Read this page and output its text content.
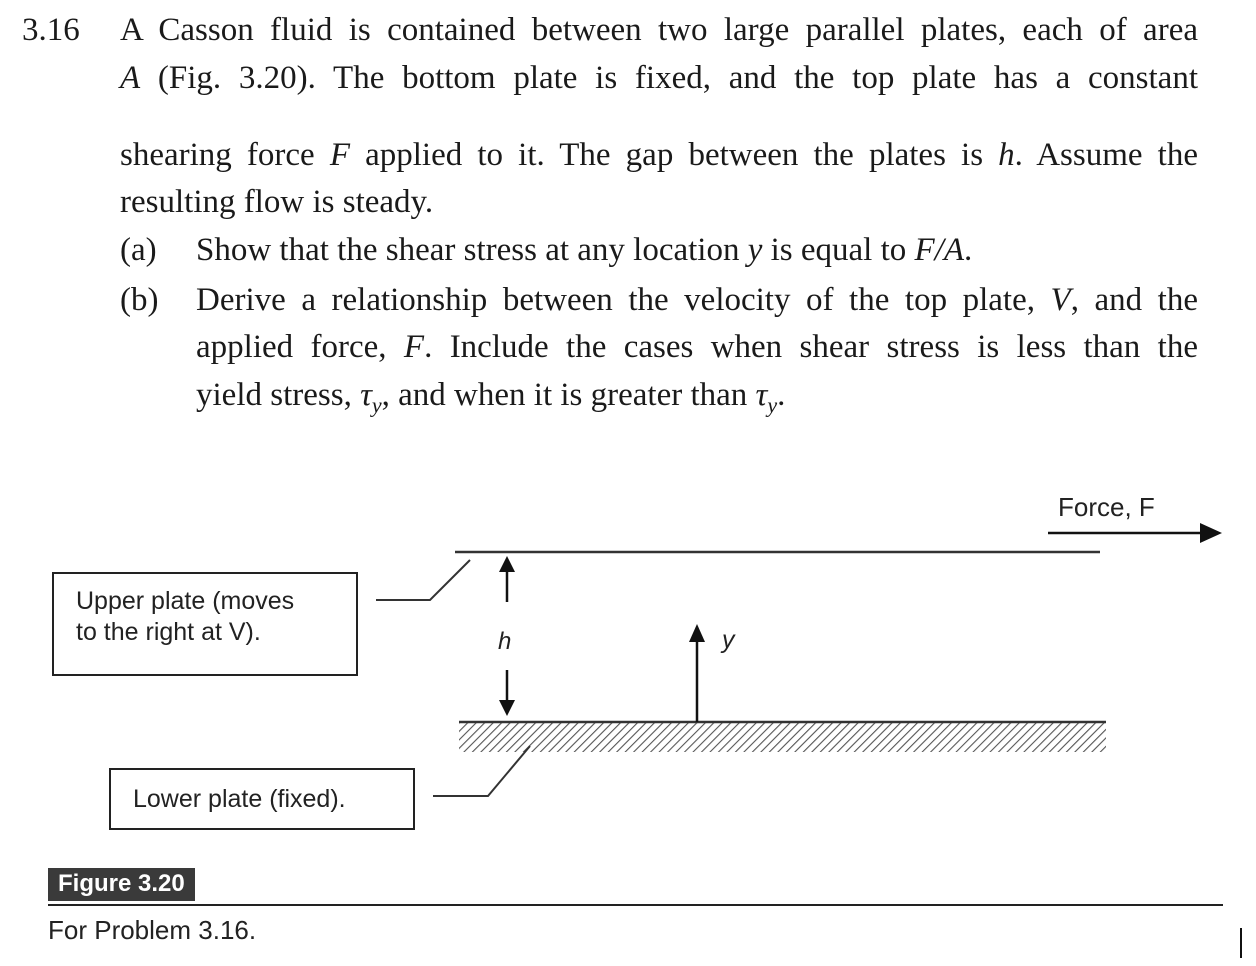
3.16 A Casson fluid is contained between two large parallel plates, each of area
A (Fig. 3.20). The bottom plate is fixed, and the top plate has a constant
shearing force F applied to it. The gap between the plates is h. Assume the
resulting flow is steady.
(a) Show that the shear stress at any location y is equal to F/A.
(b) Derive a relationship between the velocity of the top plate, V, and the
applied force, F. Include the cases when shear stress is less than the
yield stress, $\tau_y$, and when it is greater than $\tau_y$.
Force, F
h	y
Upper plate (moves
to the right at V).
Lower plate (fixed).
Figure 3.20
For Problem 3.16.
